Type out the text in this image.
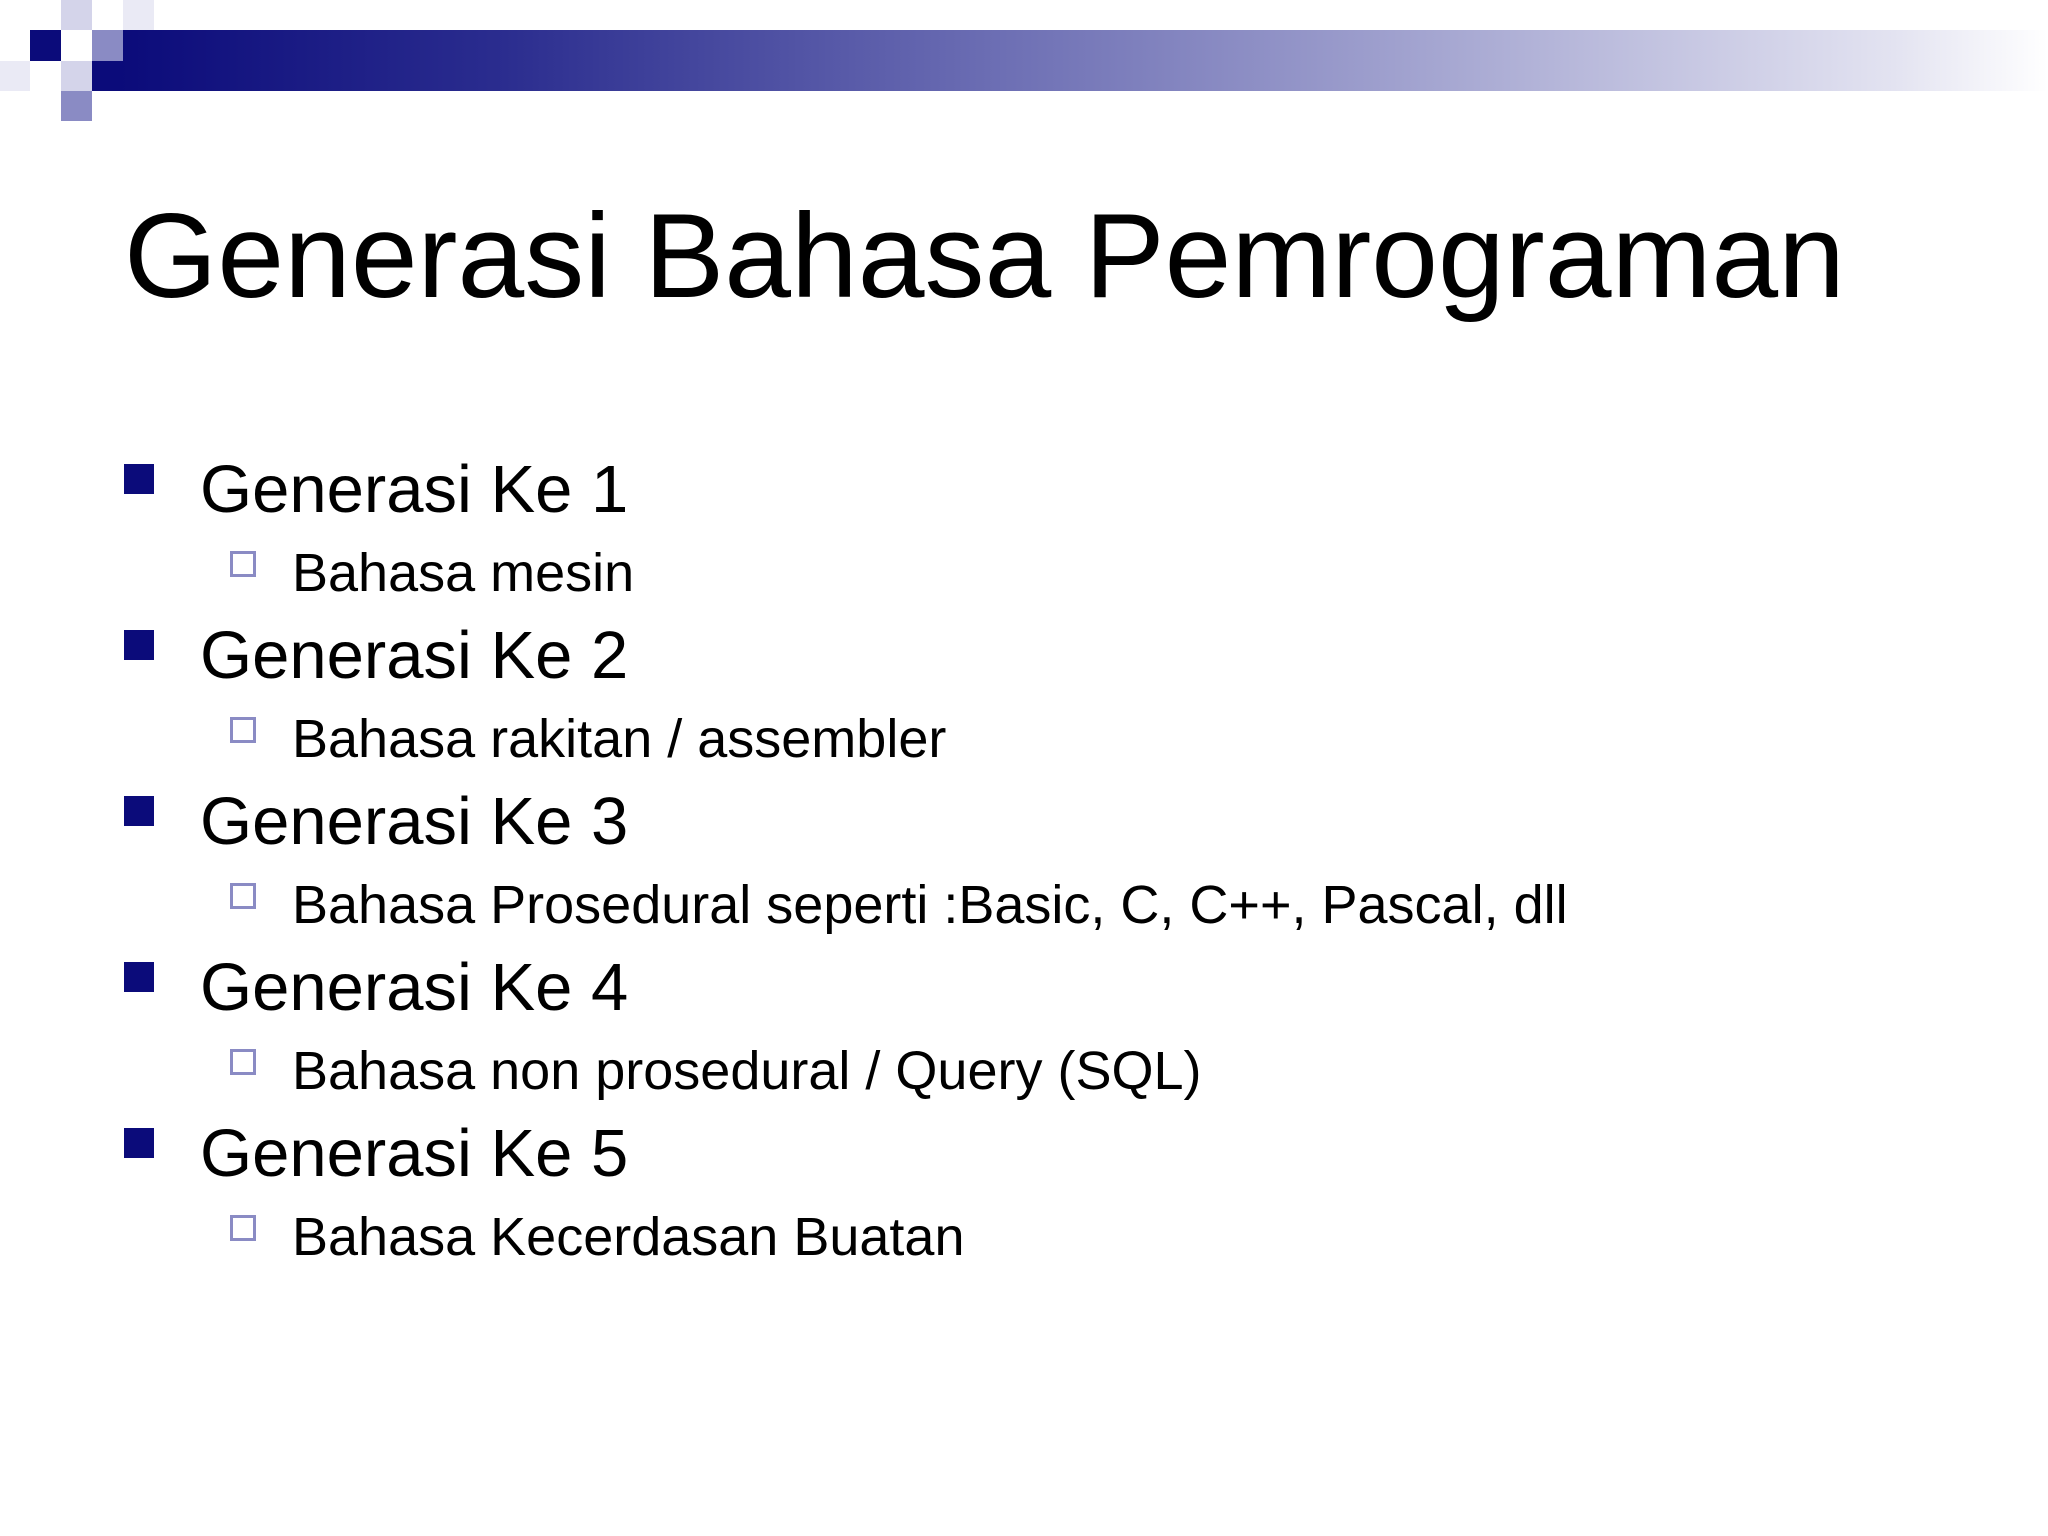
Generasi Bahasa Pemrograman
Generasi Ke 1
Bahasa mesin
Generasi Ke 2
Bahasa rakitan / assembler
Generasi Ke 3
Bahasa Prosedural seperti :Basic, C, C++, Pascal, dll
Generasi Ke 4
Bahasa non prosedural / Query (SQL)
Generasi Ke 5
Bahasa Kecerdasan Buatan
